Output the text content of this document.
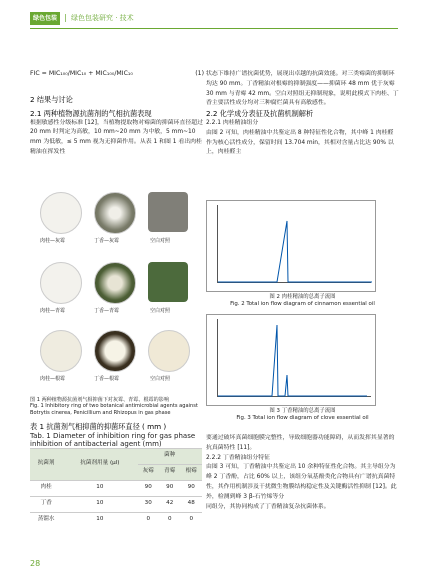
绿色包装 | 绿色包装研究 · 技术
FIC = MIC₁₀₀/MIC₁₀ + MIC₁₀₀/MIC₁₀	(1)

2 结果与讨论

2.1 两种植物源抗菌剂的气相抗菌表现

根据敏感性分级标准 [12]，当植物提取物对霉菌的抑菌环直径超过 20 mm 时判定为高敏，10 mm~20 mm 为中敏，5 mm~10 mm 为低敏，≤ 5 mm 视为无抑菌作用。从表 1 和图 1 看出肉桂精油在挥发性

肉桂—灰霉	丁香—灰霉	空白对照
肉桂—青霉	丁香—青霉	空白对照
肉桂—根霉	丁香—根霉	空白对照
图 1 两种植物源抗菌剂气相抑菌下对灰霉、青霉、根霉的影响
Fig. 1 Inhibitory ring of two botanical antimicrobial agents against Botrytis cinerea, Penicillium and Rhizopus in gas phase

表 1 抗菌剂气相抑菌的抑菌环直径 ( mm )

Tab. 1 Diameter of inhibition ring for gas phase inhibition of antibacterial agent (mm)

抗菌剂	抗菌剂用量 (μl)	菌种		
		灰霉	青霉	根霉
肉桂	10	90	90	90
丁香	10	30	42	48
蒸馏水	10	0	0	0

状态下维持广谱抗菌优势，展现出卓越的抗菌效能。对三类霉菌的抑制环均达 90 mm。丁香精油对根霉的抑制强度——抑菌环 48 mm 优于灰霉 30 mm 与青霉 42 mm。空白对照组无抑制现象，说明此模式下肉桂、丁香主要活性成分均对三种腐烂菌具有高敏感性。

2.2 化学成分表征及抗菌机制解析

2.2.1 肉桂精油组分

由图 2 可知，肉桂精油中共鉴定出 8 种特征性化合物，其中峰 1 肉桂醛作为核心活性成分，保留时间 13.704 min，其相对含量占比达 90% 以上，肉桂醛主

图 2 肉桂精油的总离子流图
Fig. 2 Total ion flow diagram of cinnamon essential oil
图 3 丁香精油的总离子流图
Fig. 3 Total ion flow diagram of clove essential oil

要通过破坏真菌细胞膜完整性，导致细胞器功能障碍，从而发挥其显著的抗真菌特性 [11]。

2.2.2 丁香精油组分特征

由图 3 可知，丁香精油中共鉴定出 10 余种特征性化合物。其主导组分为峰 2 丁香酚，占比 60% 以上，该组分氧基酚类化合物具有广谱抗真菌特性，其作用机制涉及干扰微生物膜结构稳定性及关键酶活性抑制 [12]。此外，检测到峰 3 β-石竹烯等分

同组分，其协同构成了丁香精油复杂抗菌体系。

28
